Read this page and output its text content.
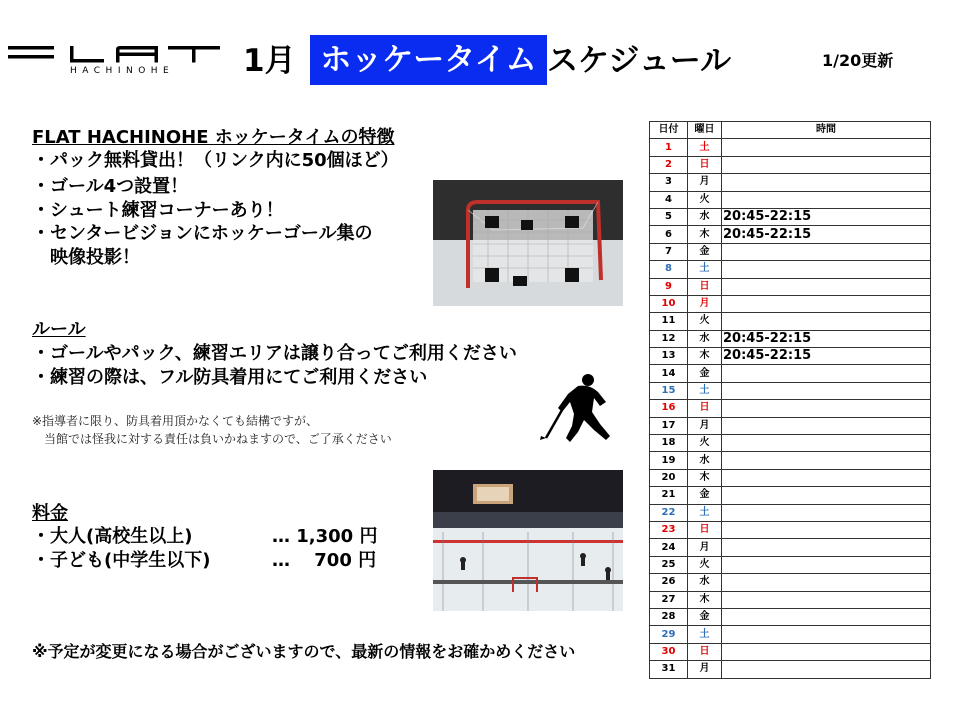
HACHINOHE 1月 ホッケータイム スケジュール	1/20更新
FLAT HACHINOHE ホッケータイムの特徴
・パック無料貸出！（リンク内に50個ほど）
・ゴール4つ設置！
・シュート練習コーナーあり！
・センタービジョンにホッケーゴール集の
　映像投影！
ルール
・ゴールやパック、練習エリアは譲り合ってご利用ください
・練習の際は、フル防具着用にてご利用ください
※指導者に限り、防具着用頂かなくても結構ですが、
　当館では怪我に対する責任は負いかねますので、ご了承ください
料金
・大人(高校生以上)	… 1,300 円
・子ども(中学生以下)	…　 700 円
※予定が変更になる場合がございますので、最新の情報をお確かめください
日付	曜日	時間
1	土	
2	日	
3	月	
4	火	
5	水	20:45-22:15
6	木	20:45-22:15
7	金	
8	土	
9	日	
10	月	
11	火	
12	水	20:45-22:15
13	木	20:45-22:15
14	金	
15	土	
16	日	
17	月	
18	火	
19	水	
20	木	
21	金	
22	土	
23	日	
24	月	
25	火	
26	水	
27	木	
28	金	
29	土	
30	日	
31	月	
